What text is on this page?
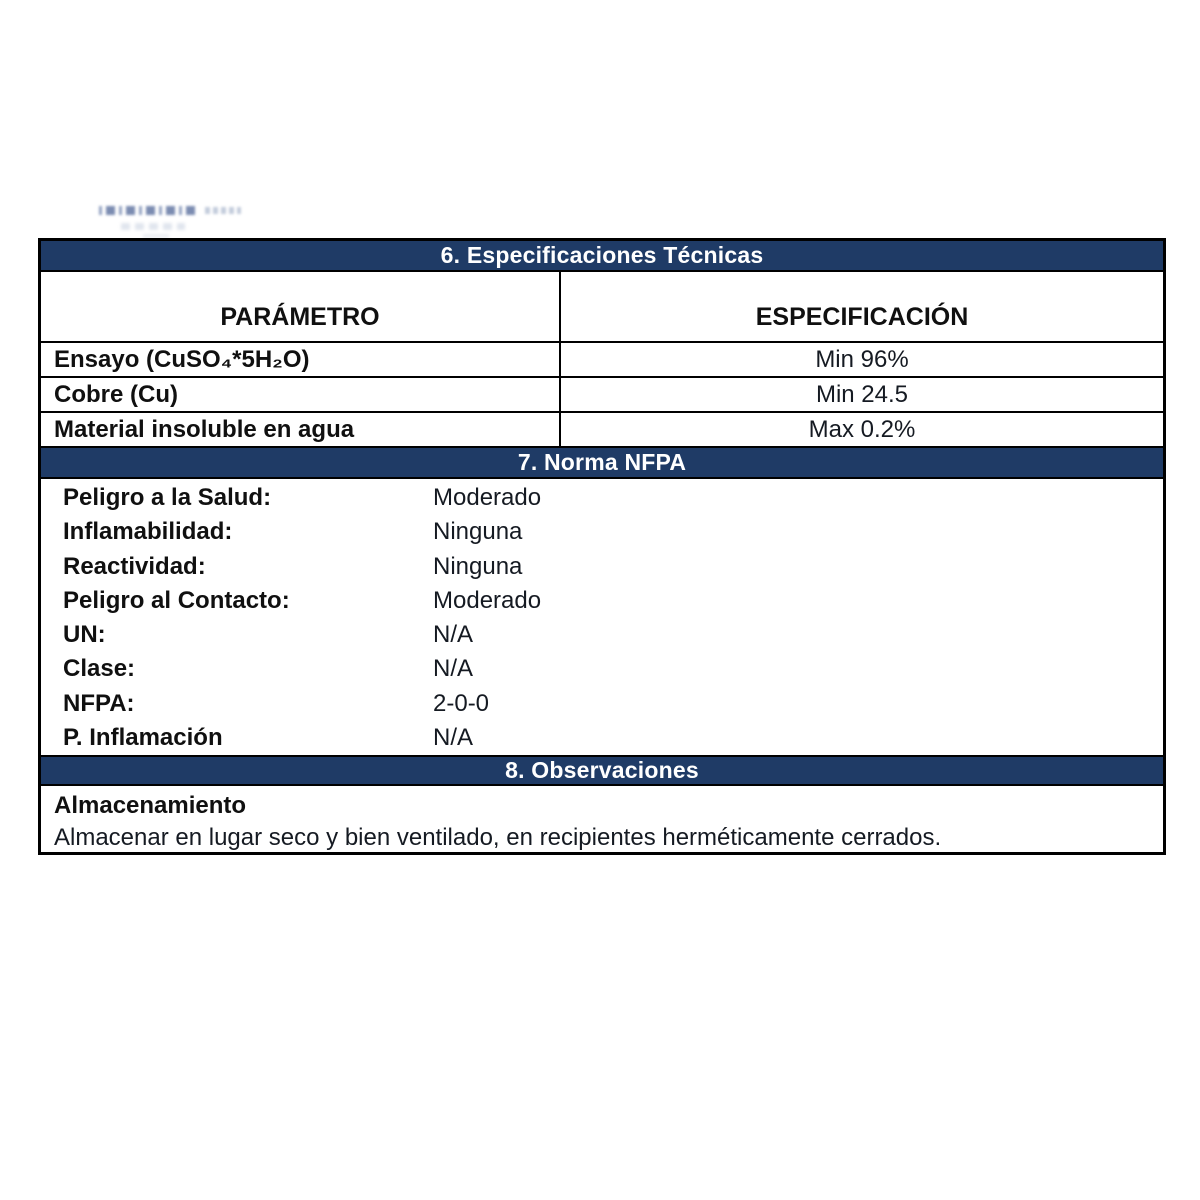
6. Especificaciones Técnicas
PARÁMETRO	ESPECIFICACIÓN
Ensayo (CuSO₄*5H₂O)	Min 96%
Cobre (Cu)	Min 24.5
Material insoluble en agua	Max 0.2%
7. Norma NFPA
Peligro a la Salud:	Moderado
Inflamabilidad:	Ninguna
Reactividad:	Ninguna
Peligro al Contacto:	Moderado
UN:	N/A
Clase:	N/A
NFPA:	2-0-0
P. Inflamación	N/A
8. Observaciones
Almacenamiento
Almacenar en lugar seco y bien ventilado, en recipientes herméticamente cerrados.
